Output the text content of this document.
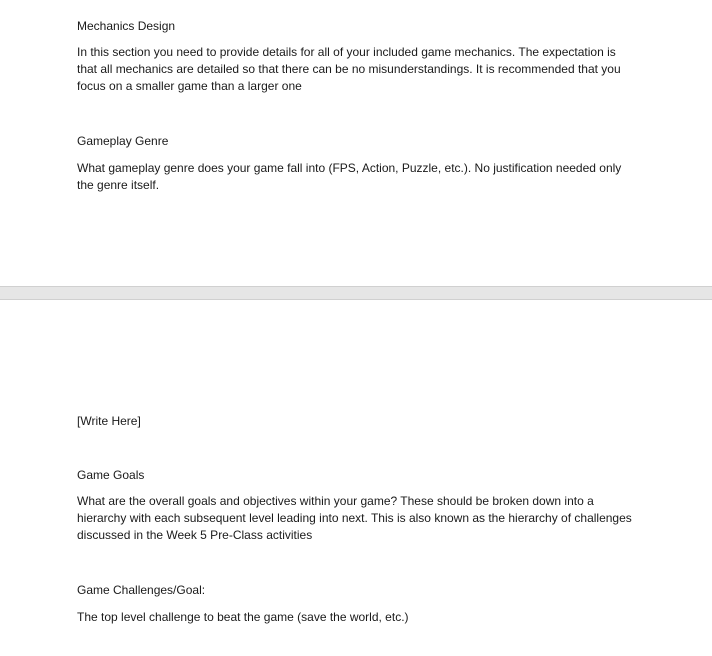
Mechanics Design

In this section you need to provide details for all of your included game mechanics. The expectation is
that all mechanics are detailed so that there can be no misunderstandings. It is recommended that you
focus on a smaller game than a larger one

Gameplay Genre

What gameplay genre does your game fall into (FPS, Action, Puzzle, etc.). No justification needed only
the genre itself.

[Write Here]

Game Goals

What are the overall goals and objectives within your game? These should be broken down into a
hierarchy with each subsequent level leading into next. This is also known as the hierarchy of challenges
discussed in the Week 5 Pre-Class activities

Game Challenges/Goal:

The top level challenge to beat the game (save the world, etc.)
